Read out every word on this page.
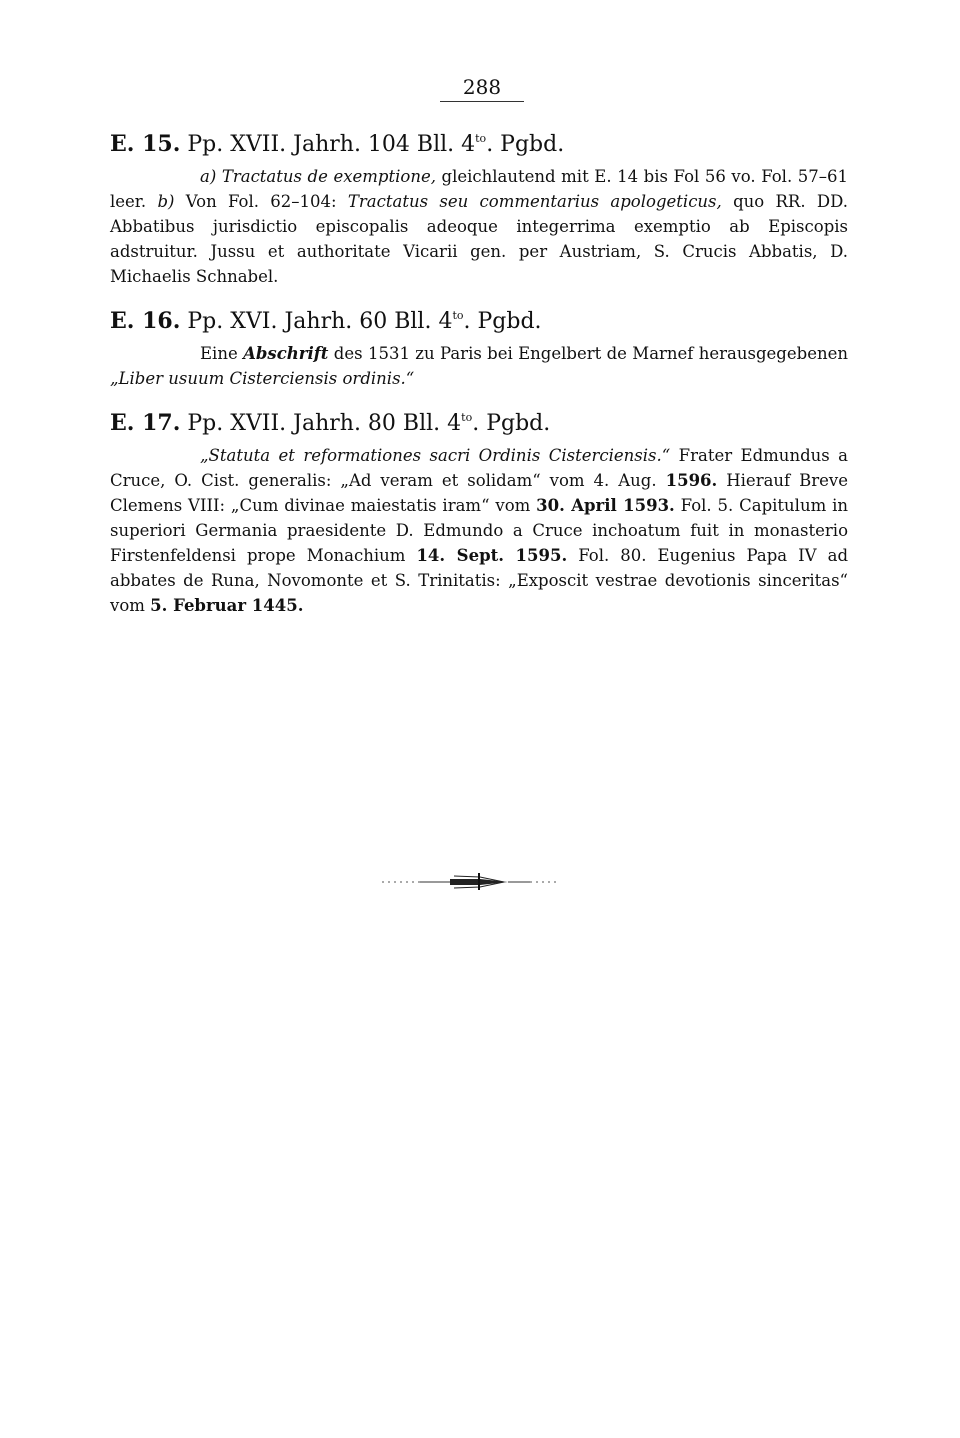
288

E. 15. Pp. XVII. Jahrh. 104 Bll. $4^{to}$. Pgbd.

a) Tractatus de exemptione, gleichlautend mit E. 14 bis Fol 56 vo. Fol. 57–61 leer. b) Von Fol. 62–104: Tractatus seu commentarius apologeticus, quo RR. DD. Abbatibus jurisdictio episcopalis adeoque integerrima exemptio ab Episcopis adstruitur. Jussu et authoritate Vicarii gen. per Austriam, S. Crucis Abbatis, D. Michaelis Schnabel.

E. 16. Pp. XVI. Jahrh. 60 Bll. $4^{to}$. Pgbd.

Eine Abschrift des 1531 zu Paris bei Engelbert de Marnef herausgegebenen „Liber usuum Cisterciensis ordinis.“

E. 17. Pp. XVII. Jahrh. 80 Bll. $4^{to}$. Pgbd.

„Statuta et reformationes sacri Ordinis Cisterciensis.“ Frater Edmundus a Cruce, O. Cist. generalis: „Ad veram et solidam“ vom 4. Aug. 1596. Hierauf Breve Clemens VIII: „Cum divinae maiestatis iram“ vom 30. April 1593. Fol. 5. Capitulum in superiori Germania praesidente D. Edmundo a Cruce inchoatum fuit in monasterio Firstenfeldensi prope Monachium 14. Sept. 1595. Fol. 80. Eugenius Papa IV ad abbates de Runa, Novomonte et S. Trinitatis: „Exposcit vestrae devotionis sinceritas“ vom 5. Februar 1445.
